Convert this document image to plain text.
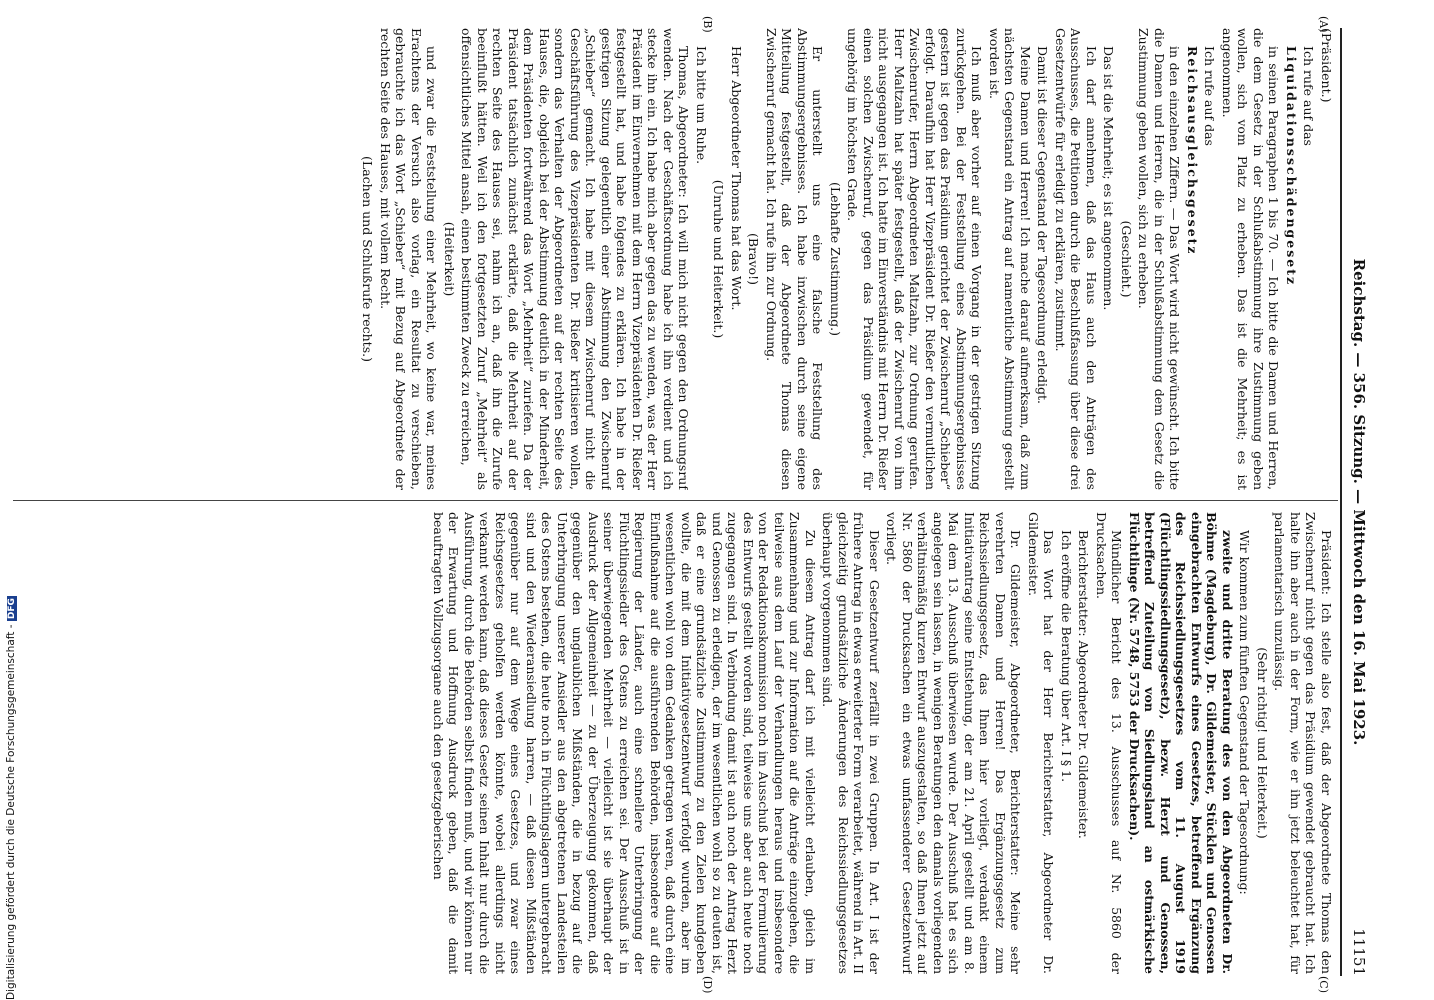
Reichstag. — 356. Sitzung. — Mittwoch den 16. Mai 1923.
11151
(A)
(B)
(C)
(D)

(Präsident.)

Ich rufe auf das

Liquidationsschädengesetz

in seinen Paragraphen 1 bis 70. — Ich bitte die Damen und Herren, die dem Gesetz in der Schlußabstimmung ihre Zustimmung geben wollen, sich vom Platz zu erheben. Das ist die Mehrheit; es ist angenommen.

Ich rufe auf das

Reichsausgleichsgesetz

in den einzelnen Ziffern. — Das Wort wird nicht gewünscht. Ich bitte die Damen und Herren, die in der Schlußabstimmung dem Gesetz die Zustimmung geben wollen, sich zu erheben.

(Geschieht.)

Das ist die Mehrheit; es ist angenommen.

Ich darf annehmen, daß das Haus auch den Anträgen des Ausschusses, die Petitionen durch die Beschlußfassung über diese drei Gesetzentwürfe für erledigt zu erklären, zustimmt.

Damit ist dieser Gegenstand der Tagesordnung erledigt.

Meine Damen und Herren! Ich mache darauf aufmerksam, daß zum nächsten Gegenstand ein Antrag auf namentliche Abstimmung gestellt worden ist.

Ich muß aber vorher auf einen Vorgang in der gestrigen Sitzung zurückgehen. Bei der Feststellung eines Abstimmungsergebnisses gestern ist gegen das Präsidium gerichtet der Zwischenruf „Schieber“ erfolgt. Daraufhin hat Herr Vizepräsident Dr. Rießer den vermutlichen Zwischenrufer, Herrn Abgeordneten Maltzahn, zur Ordnung gerufen. Herr Maltzahn hat später festgestellt, daß der Zwischenruf von ihm nicht ausgegangen ist. Ich hatte im Einverständnis mit Herrn Dr. Rießer einen solchen Zwischenruf, gegen das Präsidium gewendet, für ungehörig im höchsten Grade.

(Lebhafte Zustimmung.)

Er unterstellt uns eine falsche Feststellung des Abstimmungsergebnisses. Ich habe inzwischen durch seine eigene Mitteilung festgestellt, daß der Abgeordnete Thomas diesen Zwischenruf gemacht hat. Ich rufe ihn zur Ordnung.

(Bravo!)

Herr Abgeordneter Thomas hat das Wort.

(Unruhe und Heiterkeit.)

Ich bitte um Ruhe.

Thomas, Abgeordneter: Ich will mich nicht gegen den Ordnungsruf wenden. Nach der Geschäftsordnung habe ich ihn verdient und ich stecke ihn ein. Ich habe mich aber gegen das zu wenden, was der Herr Präsident im Einvernehmen mit dem Herrn Vizepräsidenten Dr. Rießer festgestellt hat, und habe folgendes zu erklären. Ich habe in der gestrigen Sitzung gelegentlich einer Abstimmung den Zwischenruf „Schieber“ gemacht. Ich habe mit diesem Zwischenruf nicht die Geschäftsführung des Vizepräsidenten Dr. Rießer kritisieren wollen, sondern das Verhalten der Abgeordneten auf der rechten Seite des Hauses, die, obgleich bei der Abstimmung deutlich in der Minderheit, dem Präsidenten fortwährend das Wort „Mehrheit“ zuriefen. Da der Präsident tatsächlich zunächst erklärte, daß die Mehrheit auf der rechten Seite des Hauses sei, nahm ich an, daß ihn die Zurufe beeinflußt hätten. Weil ich den fortgesetzten Zuruf „Mehrheit“ als offensichtliches Mittel ansah, einen bestimmten Zweck zu erreichen,

(Heiterkeit)

und zwar die Feststellung einer Mehrheit, wo keine war, meines Erachtens der Versuch also vorlag, ein Resultat zu verschieben, gebrauchte ich das Wort „Schieber“ mit Bezug auf Abgeordnete der rechten Seite des Hauses, mit vollem Recht.

(Lachen und Schlußrufe rechts.)

Präsident: Ich stelle also fest, daß der Abgeordnete Thomas den Zwischenruf nicht gegen das Präsidium gewendet gebraucht hat. Ich halte ihn aber auch in der Form, wie er ihn jetzt beleuchtet hat, für parlamentarisch unzulässig.

(Sehr richtig! und Heiterkeit.)

Wir kommen zum fünften Gegenstand der Tagesordnung:

zweite und dritte Beratung des von den Abgeordneten Dr. Böhme (Magdeburg), Dr. Gildemeister, Stücklen und Genossen eingebrachten Entwurfs eines Gesetzes, betreffend Ergänzung des Reichssiedlungsgesetzes vom 11. August 1919 (Flüchtlingssiedlungsgesetz), bezw. Herzt und Genossen, betreffend Zuteilung von Siedlungsland an ostmärkische Flüchtlinge (Nr. 5748, 5753 der Drucksachen).

Mündlicher Bericht des 13. Ausschusses auf Nr. 5860 der Drucksachen.

Berichterstatter: Abgeordneter Dr. Gildemeister.

Ich eröffne die Beratung über Art. I § 1.

Das Wort hat der Herr Berichterstatter, Abgeordneter Dr. Gildemeister.

Dr. Gildemeister, Abgeordneter, Berichterstatter: Meine sehr verehrten Damen und Herren! Das Ergänzungsgesetz zum Reichssiedlungsgesetz, das Ihnen hier vorliegt, verdankt einem Initiativantrag seine Entstehung, der am 21. April gestellt und am 8. Mai dem 13. Ausschuß überwiesen wurde. Der Ausschuß hat es sich angelegen sein lassen, in wenigen Beratungen den damals vorliegenden verhältnismäßig kurzen Entwurf auszugestalten, so daß Ihnen jetzt auf Nr. 5860 der Drucksachen ein etwas umfassenderer Gesetzentwurf vorliegt.

Dieser Gesetzentwurf zerfällt in zwei Gruppen. In Art. I ist der frühere Antrag in etwas erweiterter Form verarbeitet, während in Art. II gleichzeitig grundsätzliche Änderungen des Reichssiedlungsgesetzes überhaupt vorgenommen sind.

Zu diesem Antrag darf ich mit vielleicht erlauben, gleich im Zusammenhang und zur Information auf die Anträge einzugehen, die teilweise aus dem Lauf der Verhandlungen heraus und insbesondere von der Redaktionskommission noch im Ausschuß bei der Formulierung des Entwurfs gestellt worden sind, teilweise uns aber auch heute noch zugegangen sind. In Verbindung damit ist auch noch der Antrag Herzt und Genossen zu erledigen, der im wesentlichen wohl so zu deuten ist, daß er eine grundsätzliche Zustimmung zu den Zielen kundgeben wollte, die mit dem Initiativgesetzentwurf verfolgt wurden, aber im wesentlichen wohl von dem Gedanken getragen waren, daß durch eine Einflußnahme auf die ausführenden Behörden, insbesondere auf die Regierung der Länder, auch eine schnellere Unterbringung der Flüchtlingssiedler des Ostens zu erreichen sei. Der Ausschuß ist in seiner überwiegenden Mehrheit — vielleicht ist sie überhaupt der Ausdruck der Allgemeinheit — zu der Überzeugung gekommen, daß gegenüber den unglaublichen Mißständen, die in bezug auf die Unterbringung unserer Ansiedler aus den abgetretenen Landesteilen des Ostens bestehen, die heute noch in Flüchtlingslagern untergebracht sind und den Wiederansiedlung harren, — daß diesen Mißständen gegenüber nur auf dem Wege eines Gesetzes, und zwar eines Reichsgesetzes geholfen werden könnte, wobei allerdings nicht verkannt werden kann, daß dieses Gesetz seinen Inhalt nur durch die Ausführung, durch die Behörden selbst finden muß, und wir können nur der Erwartung und Hoffnung Ausdruck geben, daß die damit beauftragten Vollzugsorgane auch den gesetzgeberischen

Digitalisierung gefördert durch die Deutsche Forschungsgemeinschaft - DFG
